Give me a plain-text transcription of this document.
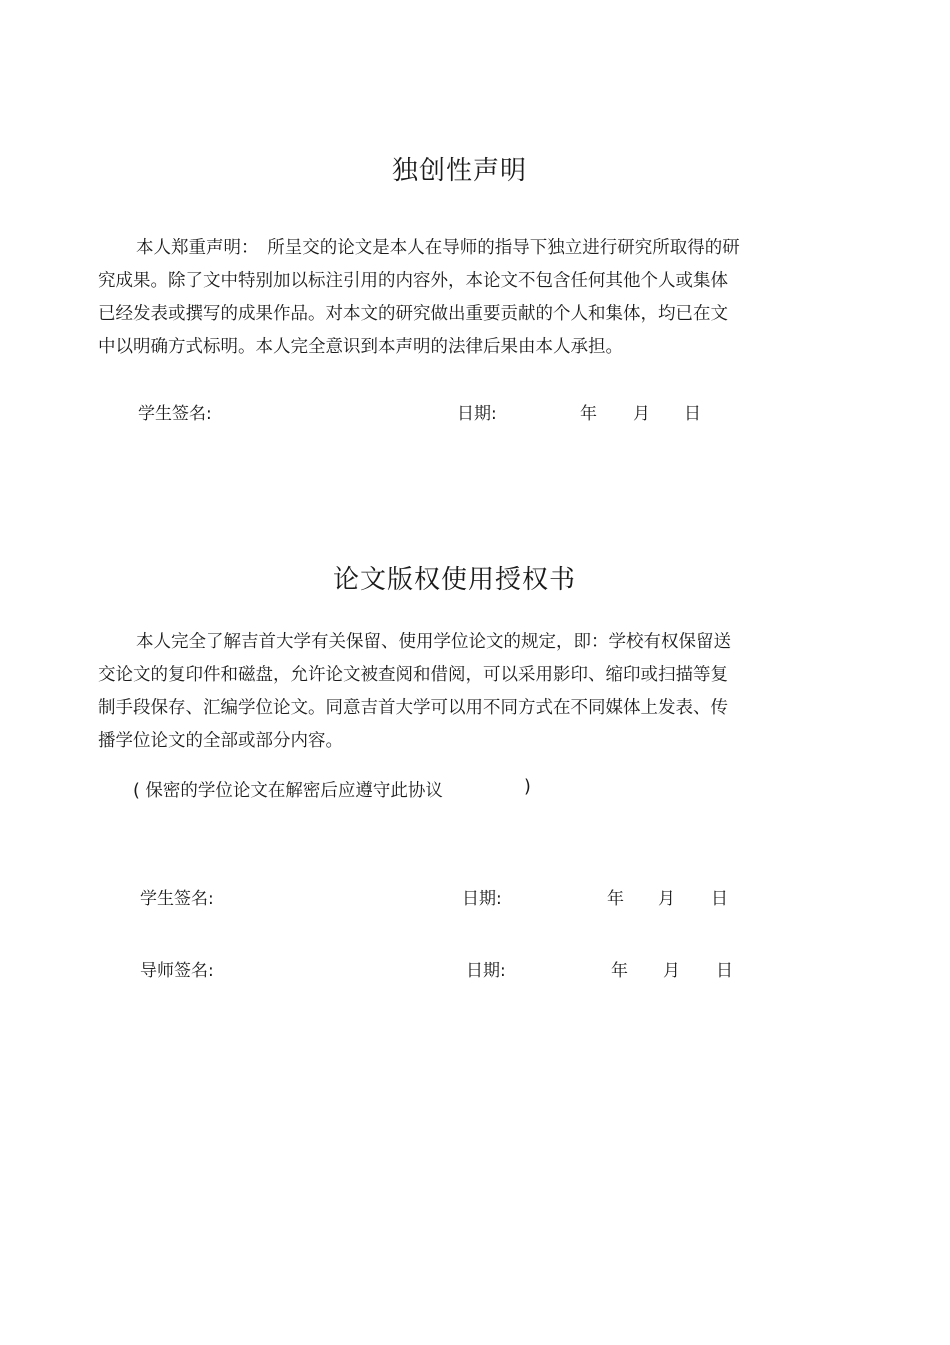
独创性声明
本人郑重声明：　所呈交的论文是本人在导师的指导下独立进行研究所取得的研
究成果。除了文中特别加以标注引用的内容外，本论文不包含任何其他个人或集体
已经发表或撰写的成果作品。对本文的研究做出重要贡献的个人和集体，均已在文
中以明确方式标明。本人完全意识到本声明的法律后果由本人承担。
学生签名:	日期:	年 月 日
论文版权使用授权书
本人完全了解吉首大学有关保留、使用学位论文的规定，即：学校有权保留送
交论文的复印件和磁盘，允许论文被查阅和借阅，可以采用影印、缩印或扫描等复
制手段保存、汇编学位论文。同意吉首大学可以用不同方式在不同媒体上发表、传
播学位论文的全部或部分内容。
( 保密的学位论文在解密后应遵守此协议	)
学生签名:	日期:	年 月 日
导师签名:	日期:	年 月 日
